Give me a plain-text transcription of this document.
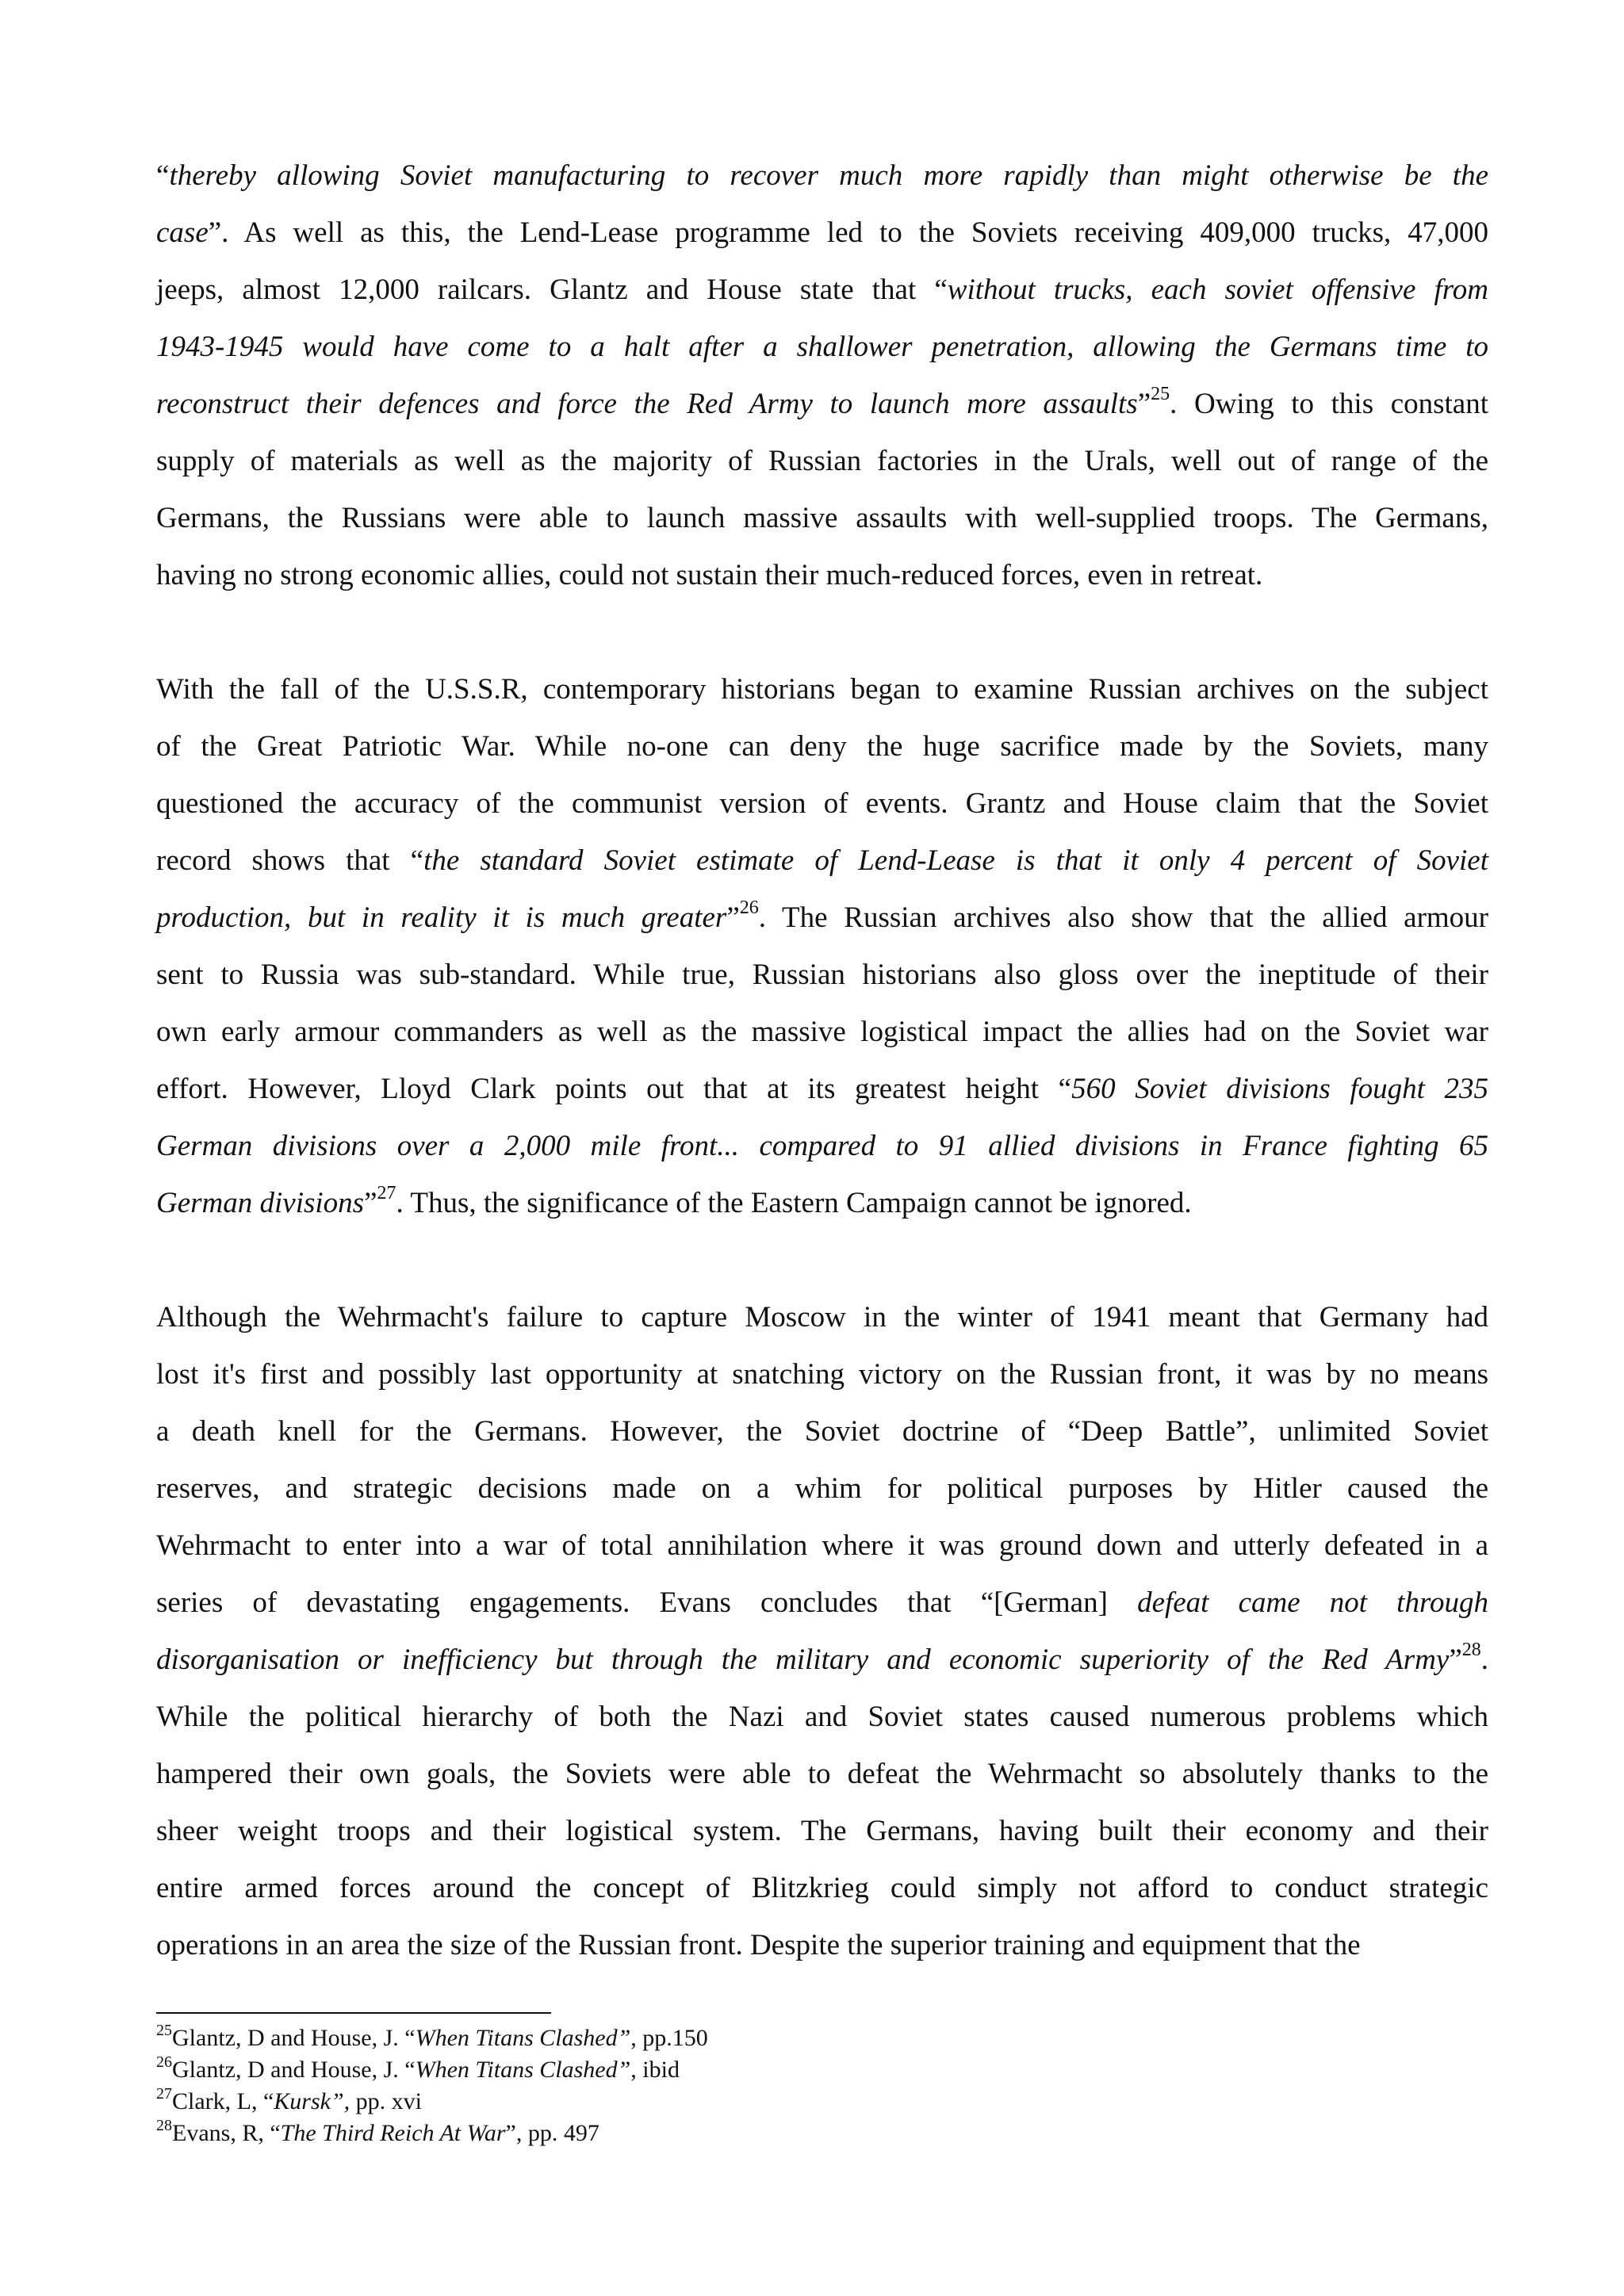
“thereby allowing Soviet manufacturing to recover much more rapidly than might otherwise be the
case”. As well as this, the Lend-Lease programme led to the Soviets receiving 409,000 trucks, 47,000
jeeps, almost 12,000 railcars. Glantz and House state that “without trucks, each soviet offensive from
1943-1945 would have come to a halt after a shallower penetration, allowing the Germans time to
reconstruct their defences and force the Red Army to launch more assaults”$^{25}$. Owing to this constant
supply of materials as well as the majority of Russian factories in the Urals, well out of range of the
Germans, the Russians were able to launch massive assaults with well-supplied troops. The Germans,
having no strong economic allies, could not sustain their much-reduced forces, even in retreat.

With the fall of the U.S.S.R, contemporary historians began to examine Russian archives on the subject
of the Great Patriotic War. While no-one can deny the huge sacrifice made by the Soviets, many
questioned the accuracy of the communist version of events. Grantz and House claim that the Soviet
record shows that “the standard Soviet estimate of Lend-Lease is that it only 4 percent of Soviet
production, but in reality it is much greater”$^{26}$. The Russian archives also show that the allied armour
sent to Russia was sub-standard. While true, Russian historians also gloss over the ineptitude of their
own early armour commanders as well as the massive logistical impact the allies had on the Soviet war
effort. However, Lloyd Clark points out that at its greatest height “560 Soviet divisions fought 235
German divisions over a 2,000 mile front... compared to 91 allied divisions in France fighting 65
German divisions”$^{27}$. Thus, the significance of the Eastern Campaign cannot be ignored.

Although the Wehrmacht's failure to capture Moscow in the winter of 1941 meant that Germany had
lost it's first and possibly last opportunity at snatching victory on the Russian front, it was by no means
a death knell for the Germans. However, the Soviet doctrine of “Deep Battle”, unlimited Soviet
reserves, and strategic decisions made on a whim for political purposes by Hitler caused the
Wehrmacht to enter into a war of total annihilation where it was ground down and utterly defeated in a
series of devastating engagements. Evans concludes that “[German] defeat came not through
disorganisation or inefficiency but through the military and economic superiority of the Red Army”$^{28}$.
While the political hierarchy of both the Nazi and Soviet states caused numerous problems which
hampered their own goals, the Soviets were able to defeat the Wehrmacht so absolutely thanks to the
sheer weight troops and their logistical system. The Germans, having built their economy and their
entire armed forces around the concept of Blitzkrieg could simply not afford to conduct strategic
operations in an area the size of the Russian front. Despite the superior training and equipment that the

$^{25}$Glantz, D and House, J. “When Titans Clashed”, pp.150

$^{26}$Glantz, D and House, J. “When Titans Clashed”, ibid

$^{27}$Clark, L, “Kursk”, pp. xvi

$^{28}$Evans, R, “The Third Reich At War”, pp. 497
